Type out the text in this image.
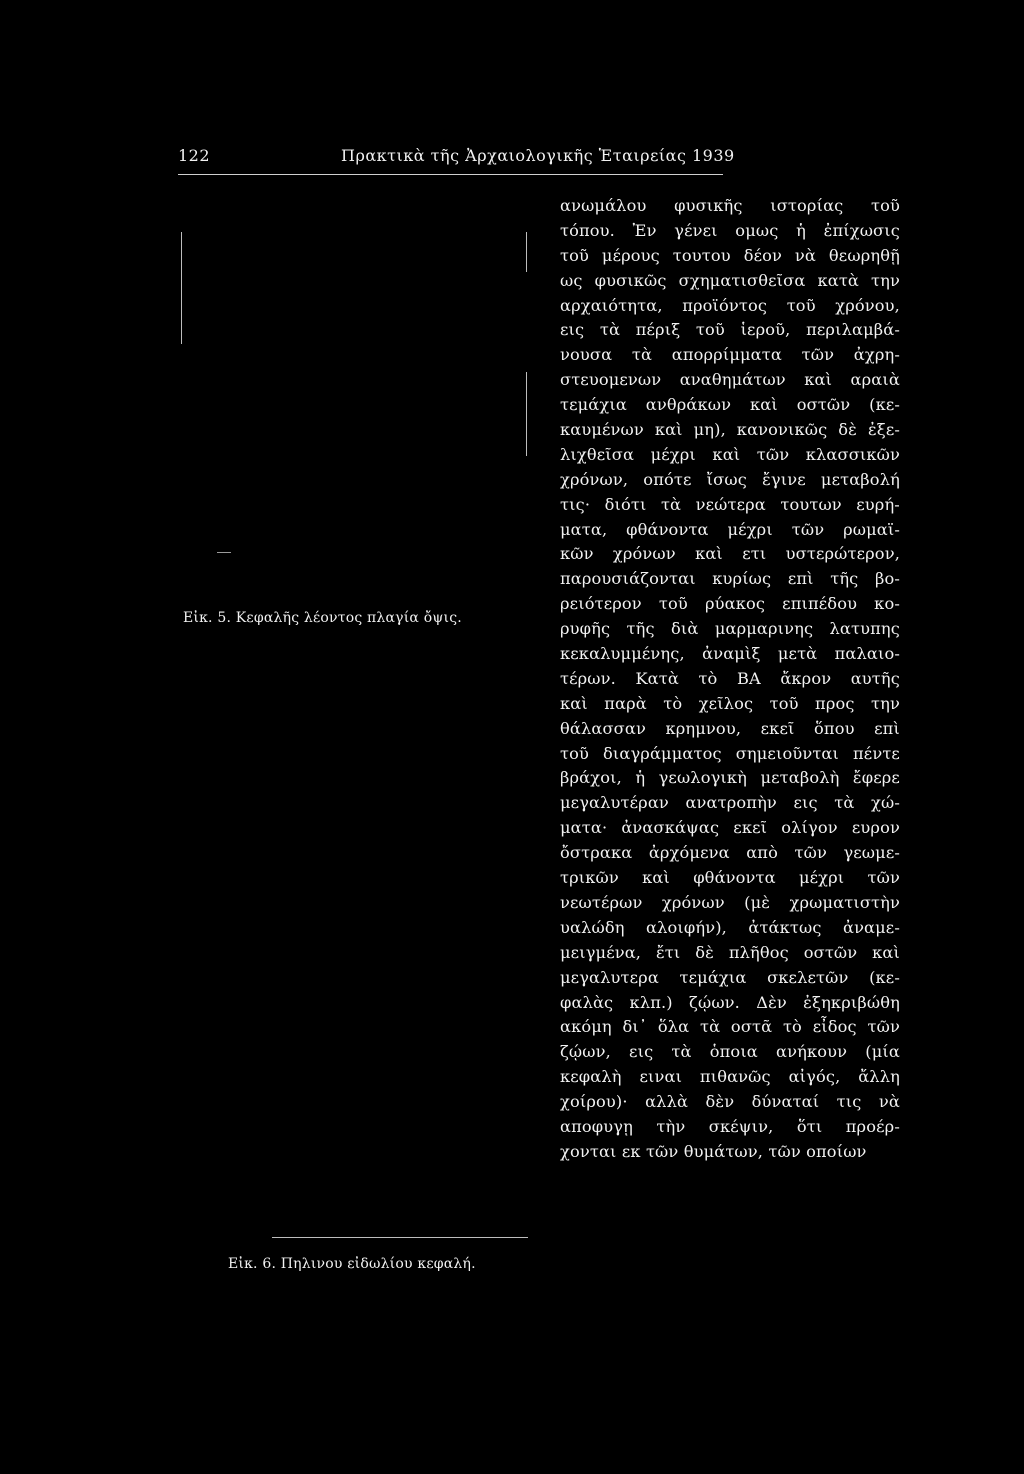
122	Πρακτικὰ τῆς Ἀρχαιολογικῆς Ἑταιρείας 1939
Εἰκ. 5. Κεφαλῆς λέοντος πλαγία ὄψις.
Εἰκ. 6. Πηλινου εἰδωλίου κεφαλή.
ανωμάλου φυσικῆς ιστορίας τοῦ
τόπου. Ἐν γένει ομως ἡ ἐπίχωσις
τοῦ μέρους τουτου δέον νὰ θεωρηθῇ
ως φυσικῶς σχηματισθεῖσα κατὰ την
αρχαιότητα, προϊόντος τοῦ χρόνου,
εις τὰ πέριξ τοῦ ἱεροῦ, περιλαμβά-
νουσα τὰ απορρίμματα τῶν ἀχρη-
στευομενων αναθημάτων καὶ αραιὰ
τεμάχια ανθράκων καὶ οστῶν (κε-
καυμένων καὶ μη), κανονικῶς δὲ ἐξε-
λιχθεῖσα μέχρι καὶ τῶν κλασσικῶν
χρόνων, οπότε ἴσως ἔγινε μεταβολή
τις· διότι τὰ νεώτερα τουτων ευρή-
ματα, φθάνοντα μέχρι τῶν ρωμαϊ-
κῶν χρόνων καὶ ετι υστερώτερον,
παρουσιάζονται κυρίως επὶ τῆς βο-
ρειότερον τοῦ ρύακος επιπέδου κο-
ρυφῆς τῆς διὰ μαρμαρινης λατυπης
κεκαλυμμένης, ἀναμὶξ μετὰ παλαιο-
τέρων. Κατὰ τὸ ΒΑ ἄκρον αυτῆς
καὶ παρὰ τὸ χεῖλος τοῦ προς την
θάλασσαν κρημνου, εκεῖ ὅπου επὶ
τοῦ διαγράμματος σημειοῦνται πέντε
βράχοι, ἡ γεωλογικὴ μεταβολὴ ἔφερε
μεγαλυτέραν ανατροπὴν εις τὰ χώ-
ματα· ἀνασκάψας εκεῖ ολίγον ευρον
ὄστρακα ἀρχόμενα απὸ τῶν γεωμε-
τρικῶν καὶ φθάνοντα μέχρι τῶν
νεωτέρων χρόνων (μὲ χρωματιστὴν
υαλώδη αλοιφήν), ἀτάκτως ἀναμε-
μειγμένα, ἔτι δὲ πλῆθος οστῶν καὶ
μεγαλυτερα τεμάχια σκελετῶν (κε-
φαλὰς κλπ.) ζῴων. Δὲν ἐξηκριβώθη
ακόμη δι᾽ ὅλα τὰ οστᾶ τὸ εἶδος τῶν
ζῴων, εις τὰ ὁποια ανήκουν (μία
κεφαλὴ ειναι πιθανῶς αἰγός, ἄλλη
χοίρου)· αλλὰ δὲν δύναταί τις νὰ
αποφυγῃ τὴν σκέψιν, ὅτι προέρ-
χονται εκ τῶν θυμάτων, τῶν οποίων
